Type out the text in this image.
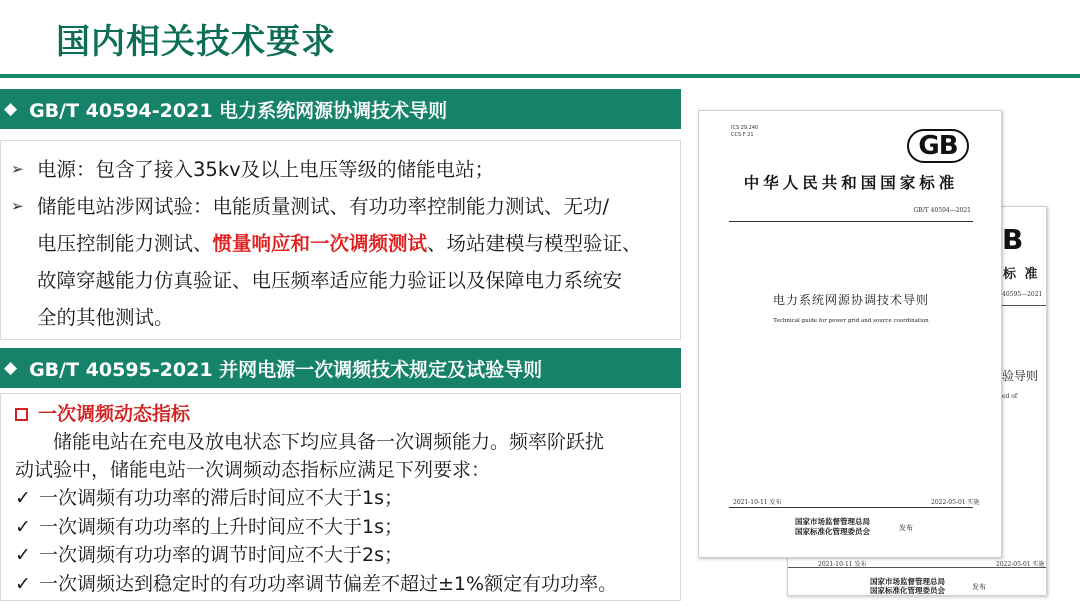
国内相关技术要求
◆ GB/T 40594-2021 电力系统网源协调技术导则
➢ 电源：包含了接入35kv及以上电压等级的储能电站；
➢ 储能电站涉网试验：电能质量测试、有功功率控制能力测试、无功/
电压控制能力测试、惯量响应和一次调频测试、场站建模与模型验证、
故障穿越能力仿真验证、电压频率适应能力验证以及保障电力系统安
全的其他测试。
◆ GB/T 40595-2021 并网电源一次调频技术规定及试验导则
一次调频动态指标
储能电站在充电及放电状态下均应具备一次调频能力。频率阶跃扰
动试验中，储能电站一次调频动态指标应满足下列要求：
✓ 一次调频有功功率的滞后时间应不大于1s；
✓ 一次调频有功功率的上升时间应不大于1s；
✓ 一次调频有功功率的调节时间应不大于2s；
✓ 一次调频达到稳定时的有功功率调节偏差不超过±1%额定有功功率。
B
标 准
40595—2021
验导则
ed of
2021-10-11 发布	2022-05-01 实施
国家市场监督管理总局
国家标准化管理委员会	发布
ICS 29.240
CCS F 21	GB
中华人民共和国国家标准
GB/T 40594—2021
电力系统网源协调技术导则
Technical guide for power grid and source coordination
2021-10-11 发布	2022-05-01 实施
国家市场监督管理总局
国家标准化管理委员会	发布
